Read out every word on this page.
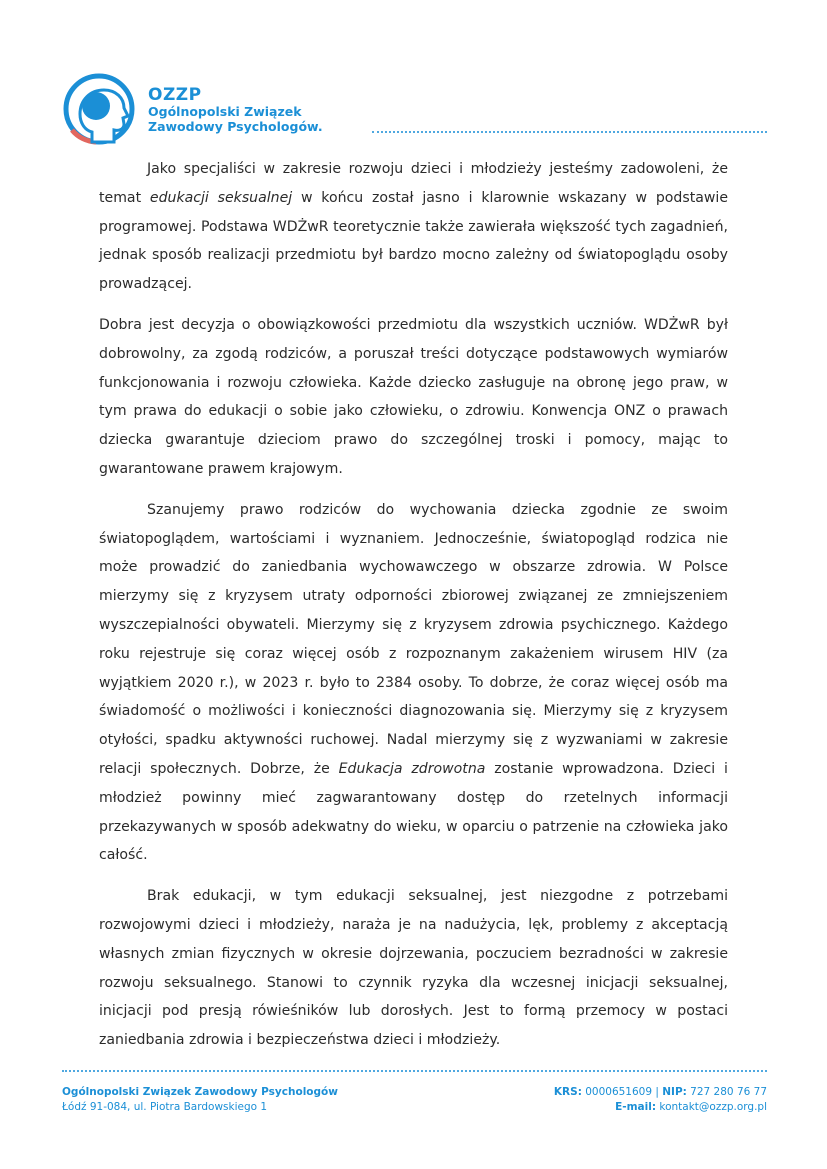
OZZP
Ogólnopolski Związek
Zawodowy Psychologów.

Jako specjaliści w zakresie rozwoju dzieci i młodzieży jesteśmy zadowoleni, że temat edukacji seksualnej w końcu został jasno i klarownie wskazany w podstawie programowej. Podstawa WDŻwR teoretycznie także zawierała większość tych zagadnień, jednak sposób realizacji przedmiotu był bardzo mocno zależny od światopoglądu osoby prowadzącej.

Dobra jest decyzja o obowiązkowości przedmiotu dla wszystkich uczniów. WDŻwR był dobrowolny, za zgodą rodziców, a poruszał treści dotyczące podstawowych wymiarów funkcjonowania i rozwoju człowieka. Każde dziecko zasługuje na obronę jego praw, w tym prawa do edukacji o sobie jako człowieku, o zdrowiu. Konwencja ONZ o prawach dziecka gwarantuje dzieciom prawo do szczególnej troski i pomocy, mając to gwarantowane prawem krajowym.

Szanujemy prawo rodziców do wychowania dziecka zgodnie ze swoim światopoglądem, wartościami i wyznaniem. Jednocześnie, światopogląd rodzica nie może prowadzić do zaniedbania wychowawczego w obszarze zdrowia. W Polsce mierzymy się z kryzysem utraty odporności zbiorowej związanej ze zmniejszeniem wyszczepialności obywateli. Mierzymy się z kryzysem zdrowia psychicznego. Każdego roku rejestruje się coraz więcej osób z rozpoznanym zakażeniem wirusem HIV (za wyjątkiem 2020 r.), w 2023 r. było to 2384 osoby. To dobrze, że coraz więcej osób ma świadomość o możliwości i konieczności diagnozowania się. Mierzymy się z kryzysem otyłości, spadku aktywności ruchowej. Nadal mierzymy się z wyzwaniami w zakresie relacji społecznych. Dobrze, że Edukacja zdrowotna zostanie wprowadzona. Dzieci i młodzież powinny mieć zagwarantowany dostęp do rzetelnych informacji przekazywanych w sposób adekwatny do wieku, w oparciu o patrzenie na człowieka jako całość.

Brak edukacji, w tym edukacji seksualnej, jest niezgodne z potrzebami rozwojowymi dzieci i młodzieży, naraża je na nadużycia, lęk, problemy z akceptacją własnych zmian fizycznych w okresie dojrzewania, poczuciem bezradności w zakresie rozwoju seksualnego. Stanowi to czynnik ryzyka dla wczesnej inicjacji seksualnej, inicjacji pod presją rówieśników lub dorosłych. Jest to formą przemocy w postaci zaniedbania zdrowia i bezpieczeństwa dzieci i młodzieży.

Ogólnopolski Związek Zawodowy Psychologów
Łódź 91-084, ul. Piotra Bardowskiego 1
KRS: 0000651609 | NIP: 727 280 76 77
E-mail: kontakt@ozzp.org.pl
